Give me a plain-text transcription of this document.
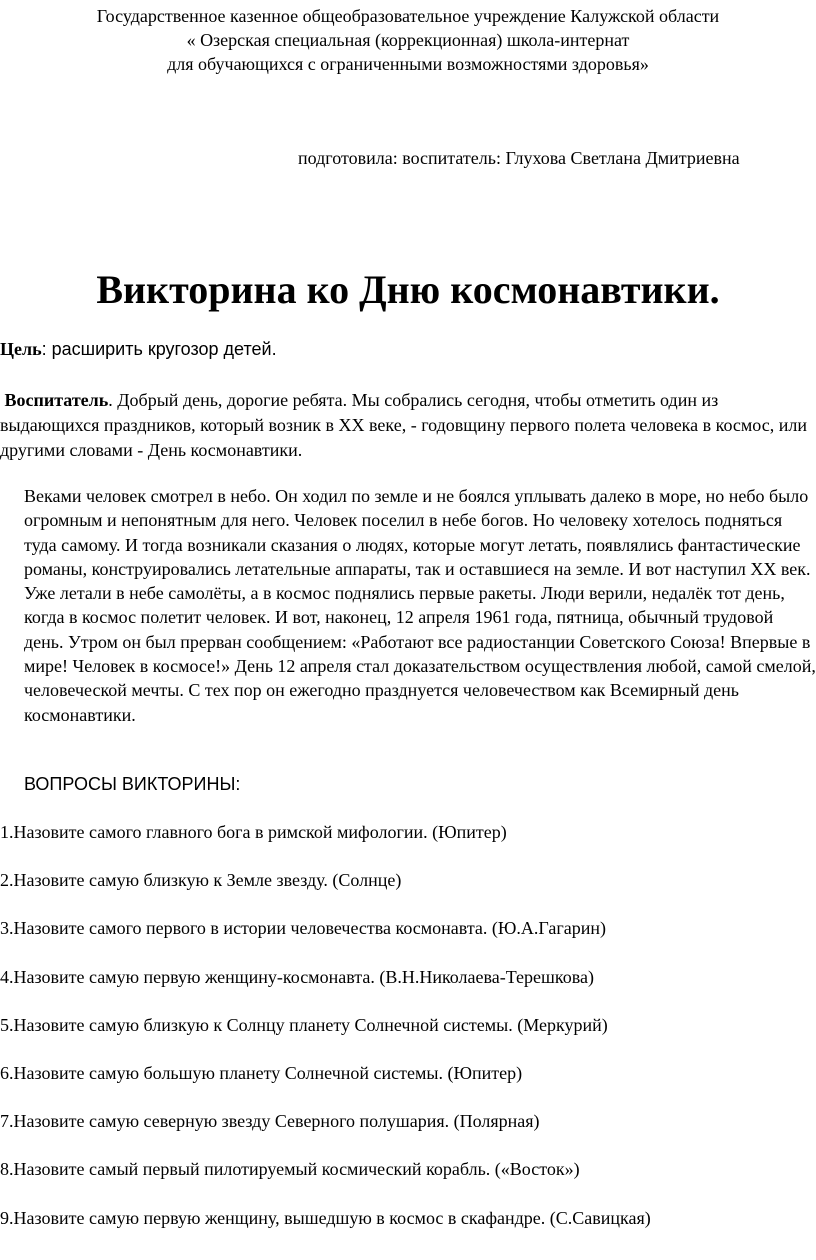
Государственное казенное общеобразовательное учреждение Калужской области
« Озерская специальная (коррекционная) школа-интернат
для обучающихся с ограниченными возможностями здоровья»
подготовила: воспитатель: Глухова Светлана Дмитриевна
Викторина ко Дню космонавтики.
Цель: расширить кругозор детей.
Воспитатель. Добрый день, дорогие ребята. Мы собрались сегодня, чтобы отметить один из выдающихся праздников, который возник в XX веке, - годовщину первого полета человека в космос, или другими словами - День космонавтики.
Веками человек смотрел в небо. Он ходил по земле и не боялся уплывать далеко в море, но небо было огромным и непонятным для него. Человек поселил в небе богов. Но человеку хотелось подняться туда самому. И тогда возникали сказания о людях, которые могут летать, появлялись фантастические романы, конструировались летательные аппараты, так и оставшиеся на земле. И вот наступил XX век. Уже летали в небе самолёты, а в космос поднялись первые ракеты. Люди верили, недалёк тот день, когда в космос полетит человек. И вот, наконец, 12 апреля 1961 года, пятница, обычный трудовой день. Утром он был прерван сообщением: «Работают все радиостанции Советского Союза! Впервые в мире! Человек в космосе!» День 12 апреля стал доказательством осуществления любой, самой смелой, человеческой мечты. С тех пор он ежегодно празднуется человечеством как Всемирный день космонавтики.
ВОПРОСЫ ВИКТОРИНЫ:
1.Назовите самого главного бога в римской мифологии. (Юпитер)
2.Назовите самую близкую к Земле звезду. (Солнце)
3.Назовите самого первого в истории человечества космонавта. (Ю.А.Гагарин)
4.Назовите самую первую женщину-космонавта. (В.Н.Николаева-Терешкова)
5.Назовите самую близкую к Солнцу планету Солнечной системы. (Меркурий)
6.Назовите самую большую планету Солнечной системы. (Юпитер)
7.Назовите самую северную звезду Северного полушария. (Полярная)
8.Назовите самый первый пилотируемый космический корабль. («Восток»)
9.Назовите самую первую женщину, вышедшую в космос в скафандре. (С.Савицкая)
